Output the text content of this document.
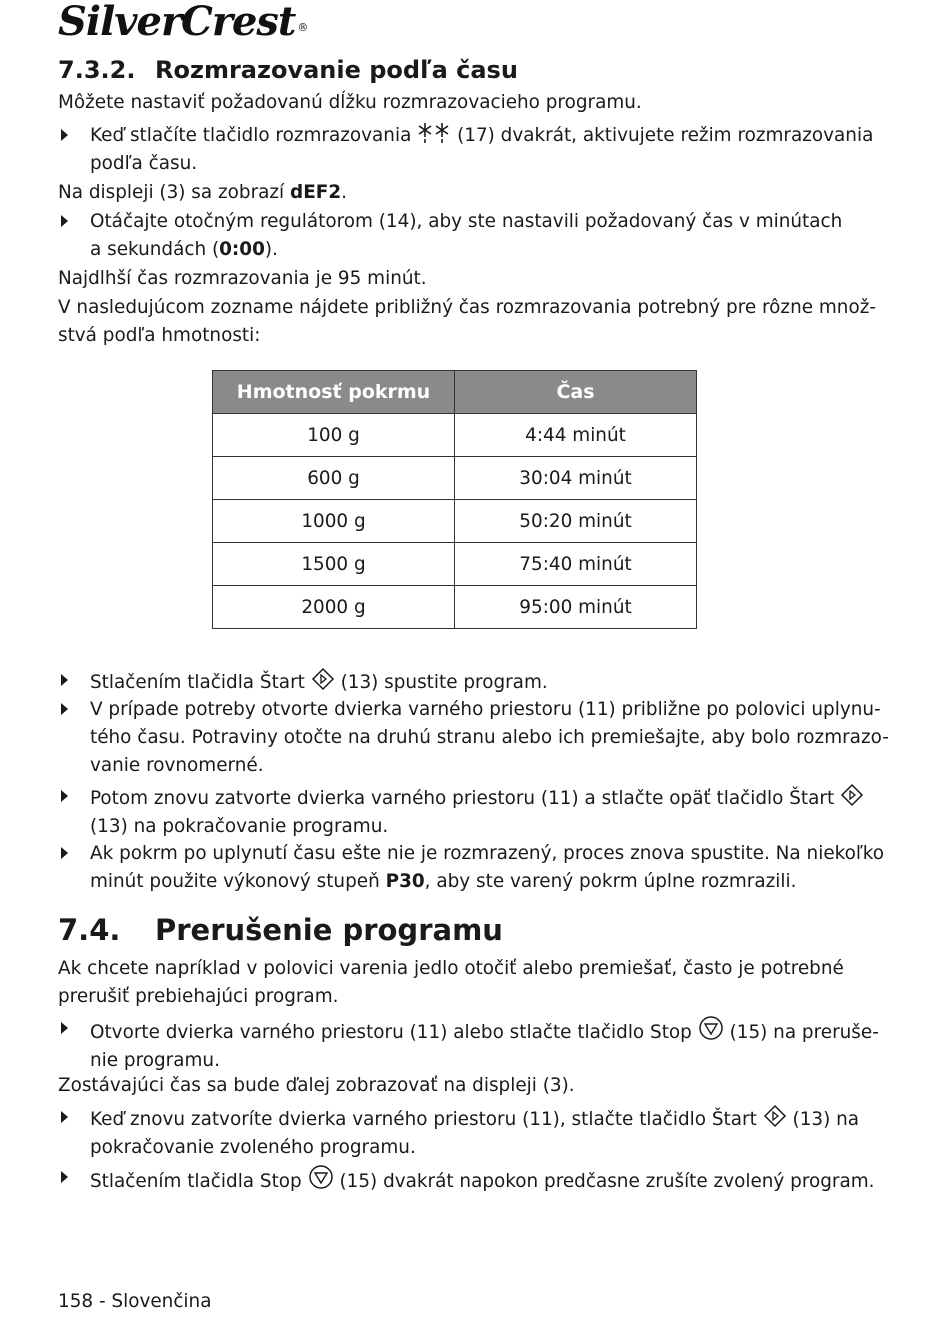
SilverCrest ®
7.3.2. Rozmrazovanie podľa času

Môžete nastaviť požadovanú dĺžku rozmrazovacieho programu.

Keď stlačíte tlačidlo rozmrazovania (17) dvakrát, aktivujete režim rozmrazovania
podľa času.

Na displeji (3) sa zobrazí dEF2.

Otáčajte otočným regulátorom (14), aby ste nastavili požadovaný čas v minútach
a sekundách (0:00).

Najdlhší čas rozmrazovania je 95 minút.

V nasledujúcom zozname nájdete približný čas rozmrazovania potrebný pre rôzne množ-
stvá podľa hmotnosti:
Hmotnosť pokrmu	Čas
100 g	4:44 minút
600 g	30:04 minút
1000 g	50:20 minút
1500 g	75:40 minút
2000 g	95:00 minút
Stlačením tlačidla Štart (13) spustite program.
V prípade potreby otvorte dvierka varného priestoru (11) približne po polovici uplynu-
tého času. Potraviny otočte na druhú stranu alebo ich premiešajte, aby bolo rozmrazo-
vanie rovnomerné.
Potom znovu zatvorte dvierka varného priestoru (11) a stlačte opäť tlačidlo Štart
(13) na pokračovanie programu.
Ak pokrm po uplynutí času ešte nie je rozmrazený, proces znova spustite. Na niekoľko
minút použite výkonový stupeň P30, aby ste varený pokrm úplne rozmrazili.
7.4. Prerušenie programu
Ak chcete napríklad v polovici varenia jedlo otočiť alebo premiešať, často je potrebné
prerušiť prebiehajúci program.
Otvorte dvierka varného priestoru (11) alebo stlačte tlačidlo Stop (15) na preruše-
nie programu.

Zostávajúci čas sa bude ďalej zobrazovať na displeji (3).

Keď znovu zatvoríte dvierka varného priestoru (11), stlačte tlačidlo Štart (13) na
pokračovanie zvoleného programu.
Stlačením tlačidla Stop (15) dvakrát napokon predčasne zrušíte zvolený program.

158 - Slovenčina
